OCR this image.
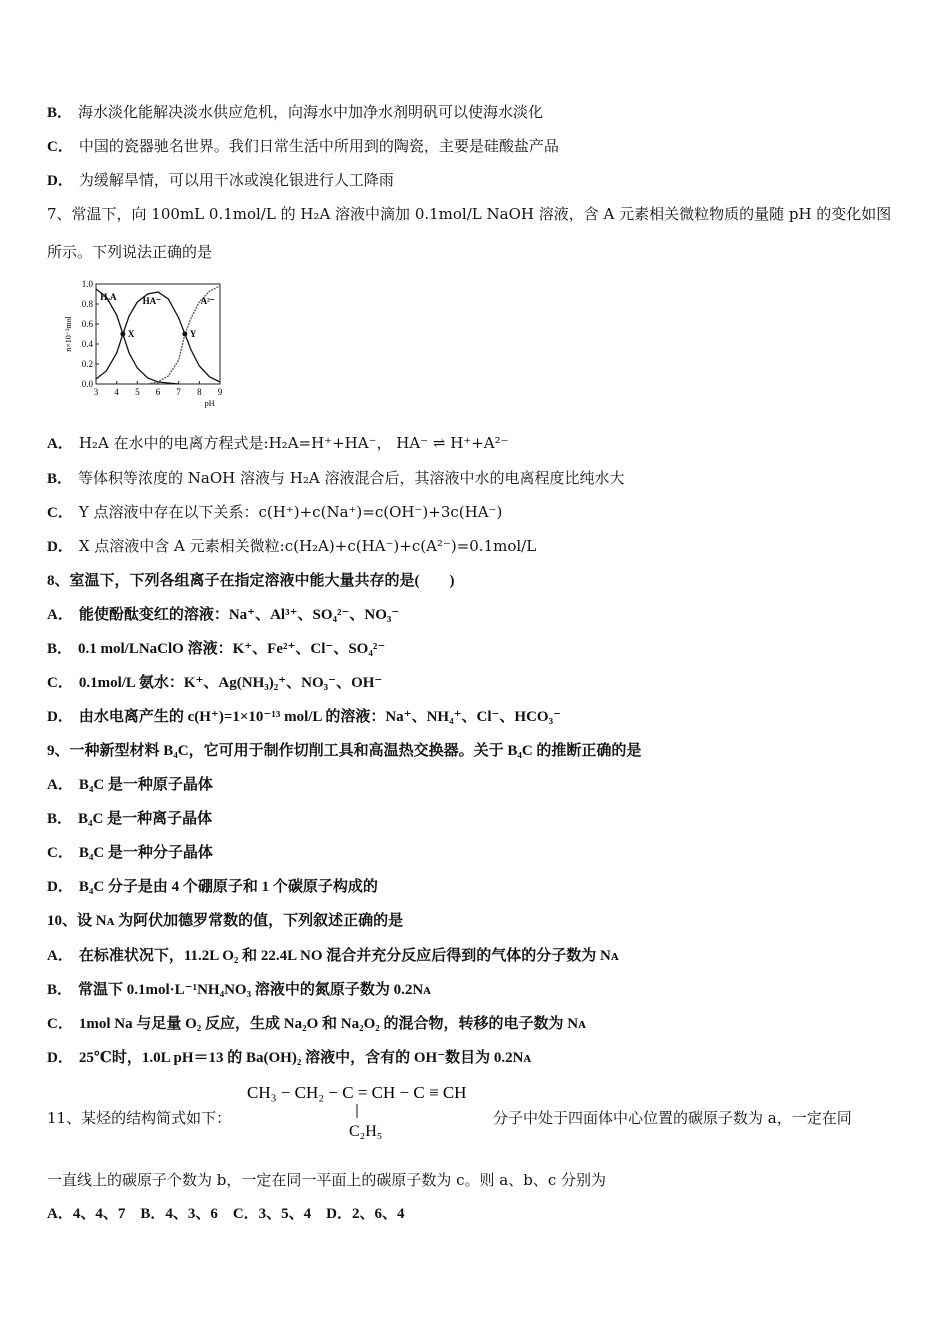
B． 海水淡化能解决淡水供应危机，向海水中加净水剂明矾可以使海水淡化
C． 中国的瓷器驰名世界。我们日常生活中所用到的陶瓷，主要是硅酸盐产品
D． 为缓解旱情，可以用干冰或溴化银进行人工降雨
7、常温下，向 100mL 0.1mol/L 的 H₂A 溶液中滴加 0.1mol/L NaOH 溶液，含 A 元素相关微粒物质的量随 pH 的变化如图
所示。下列说法正确的是
0.0
0.2
0.4
0.6
0.8
1.0
3 4 5 6 7 8 9
pH
n×10⁻²mol
H₂A	HA⁻	A²⁻
X	Y
A． H₂A 在水中的电离方程式是:H₂A=H⁺+HA⁻， HA⁻ ⇌ H⁺+A²⁻
B． 等体积等浓度的 NaOH 溶液与 H₂A 溶液混合后，其溶液中水的电离程度比纯水大
C． Y 点溶液中存在以下关系：c(H⁺)+c(Na⁺)=c(OH⁻)+3c(HA⁻)
D． X 点溶液中含 A 元素相关微粒:c(H₂A)+c(HA⁻)+c(A²⁻)=0.1mol/L
8、室温下，下列各组离子在指定溶液中能大量共存的是(　　)
A． 能使酚酞变红的溶液：Na⁺、Al³⁺、SO₄²⁻、NO₃⁻
B． 0.1 mol/LNaClO 溶液：K⁺、Fe²⁺、Cl⁻、SO₄²⁻
C． 0.1mol/L 氨水：K⁺、Ag(NH₃)₂⁺、NO₃⁻、OH⁻
D． 由水电离产生的 c(H⁺)=1×10⁻¹³ mol/L 的溶液：Na⁺、NH₄⁺、Cl⁻、HCO₃⁻
9、一种新型材料 B₄C，它可用于制作切削工具和高温热交换器。关于 B₄C 的推断正确的是
A． B₄C 是一种原子晶体
B． B₄C 是一种离子晶体
C． B₄C 是一种分子晶体
D． B₄C 分子是由 4 个硼原子和 1 个碳原子构成的
10、设 Nᴀ 为阿伏加德罗常数的值，下列叙述正确的是
A． 在标准状况下，11.2L O₂ 和 22.4L NO 混合并充分反应后得到的气体的分子数为 Nᴀ
B． 常温下 0.1mol·L⁻¹NH₄NO₃ 溶液中的氮原子数为 0.2Nᴀ
C． 1mol Na 与足量 O₂ 反应，生成 Na₂O 和 Na₂O₂ 的混合物，转移的电子数为 Nᴀ
D． 25℃时，1.0L pH＝13 的 Ba(OH)₂ 溶液中，含有的 OH⁻数目为 0.2Nᴀ
11、某烃的结构简式如下：
CH₃ − CH₂ − C = CH − C ≡ CH
C₂H₅
分子中处于四面体中心位置的碳原子数为 a，一定在同
一直线上的碳原子个数为 b，一定在同一平面上的碳原子数为 c。则 a、b、c 分别为
A．4、4、7　B．4、3、6　C．3、5、4　D．2、6、4
